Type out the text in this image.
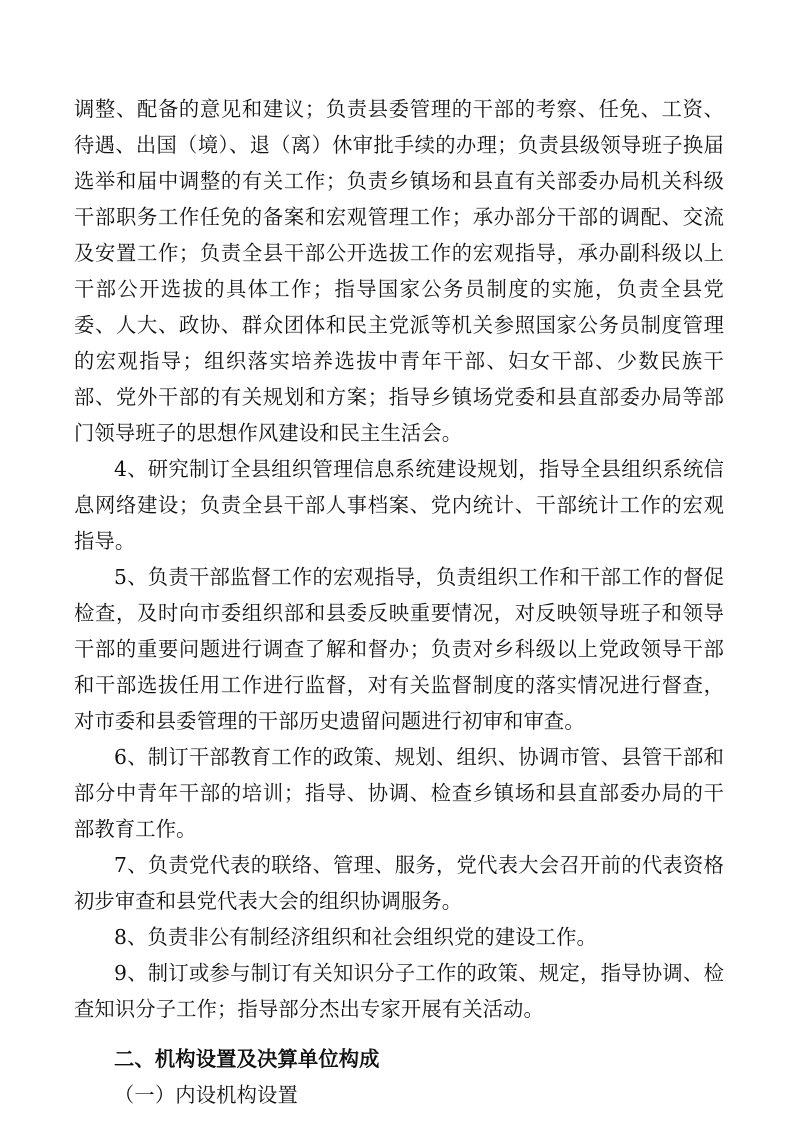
调整、配备的意见和建议；负责县委管理的干部的考察、任免、工资、待遇、出国（境）、退（离）休审批手续的办理；负责县级领导班子换届选举和届中调整的有关工作；负责乡镇场和县直有关部委办局机关科级干部职务工作任免的备案和宏观管理工作；承办部分干部的调配、交流及安置工作；负责全县干部公开选拔工作的宏观指导，承办副科级以上干部公开选拔的具体工作；指导国家公务员制度的实施，负责全县党委、人大、政协、群众团体和民主党派等机关参照国家公务员制度管理的宏观指导；组织落实培养选拔中青年干部、妇女干部、少数民族干部、党外干部的有关规划和方案；指导乡镇场党委和县直部委办局等部门领导班子的思想作风建设和民主生活会。

4、研究制订全县组织管理信息系统建设规划，指导全县组织系统信息网络建设；负责全县干部人事档案、党内统计、干部统计工作的宏观指导。

5、负责干部监督工作的宏观指导，负责组织工作和干部工作的督促检查，及时向市委组织部和县委反映重要情况，对反映领导班子和领导干部的重要问题进行调查了解和督办；负责对乡科级以上党政领导干部和干部选拔任用工作进行监督，对有关监督制度的落实情况进行督查，对市委和县委管理的干部历史遗留问题进行初审和审查。

6、制订干部教育工作的政策、规划、组织、协调市管、县管干部和部分中青年干部的培训；指导、协调、检查乡镇场和县直部委办局的干部教育工作。

7、负责党代表的联络、管理、服务，党代表大会召开前的代表资格初步审查和县党代表大会的组织协调服务。

8、负责非公有制经济组织和社会组织党的建设工作。

9、制订或参与制订有关知识分子工作的政策、规定，指导协调、检查知识分子工作；指导部分杰出专家开展有关活动。

二、机构设置及决算单位构成

（一）内设机构设置
